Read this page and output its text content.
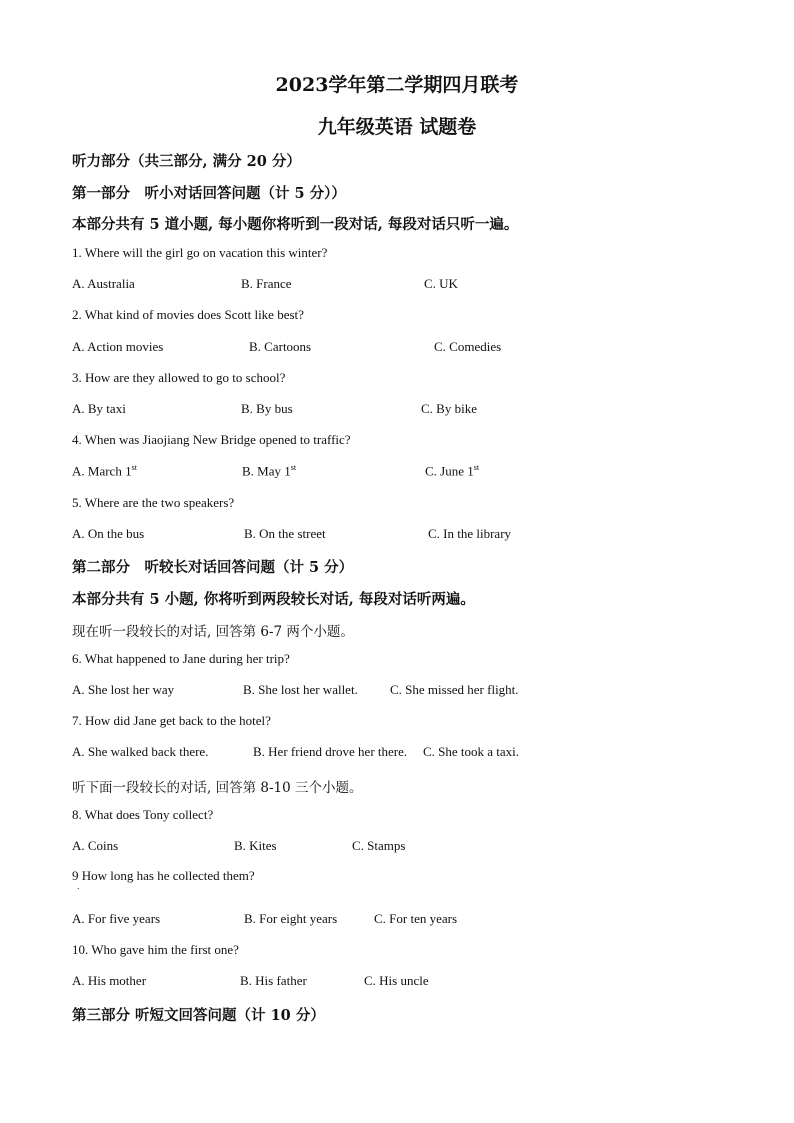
2023学年第二学期四月联考
九年级英语 试题卷
听力部分（共三部分, 满分 20 分）
第一部分　听小对话回答问题（计 5 分））
本部分共有 5 道小题, 每小题你将听到一段对话, 每段对话只听一遍。
1. Where will the girl go on vacation this winter?
A. Australia	B. France	C. UK
2. What kind of movies does Scott like best?
A. Action movies	B. Cartoons	C. Comedies
3. How are they allowed to go to school?
A. By taxi	B. By bus	C. By bike
4. When was Jiaojiang New Bridge opened to traffic?
A. March 1st	B. May 1st	C. June 1st
5. Where are the two speakers?
A. On the bus	B. On the street	C. In the library
第二部分　听较长对话回答问题（计 5 分）
本部分共有 5 小题, 你将听到两段较长对话, 每段对话听两遍。
现在听一段较长的对话, 回答第 6-7 两个小题。
6. What happened to Jane during her trip?
A. She lost her way	B. She lost her wallet. C. She missed her flight.
7. How did Jane get back to the hotel?
A. She walked back there.	B. Her friend drove her there. C. She took a taxi.
听下面一段较长的对话, 回答第 8-10 三个小题。
8. What does Tony collect?
A. Coins	B. Kites	C. Stamps
9 How long has he collected them?
.
A. For five years	B. For eight years	C. For ten years
10. Who gave him the first one?
A. His mother	B. His father	C. His uncle
第三部分 听短文回答问题（计 10 分）
